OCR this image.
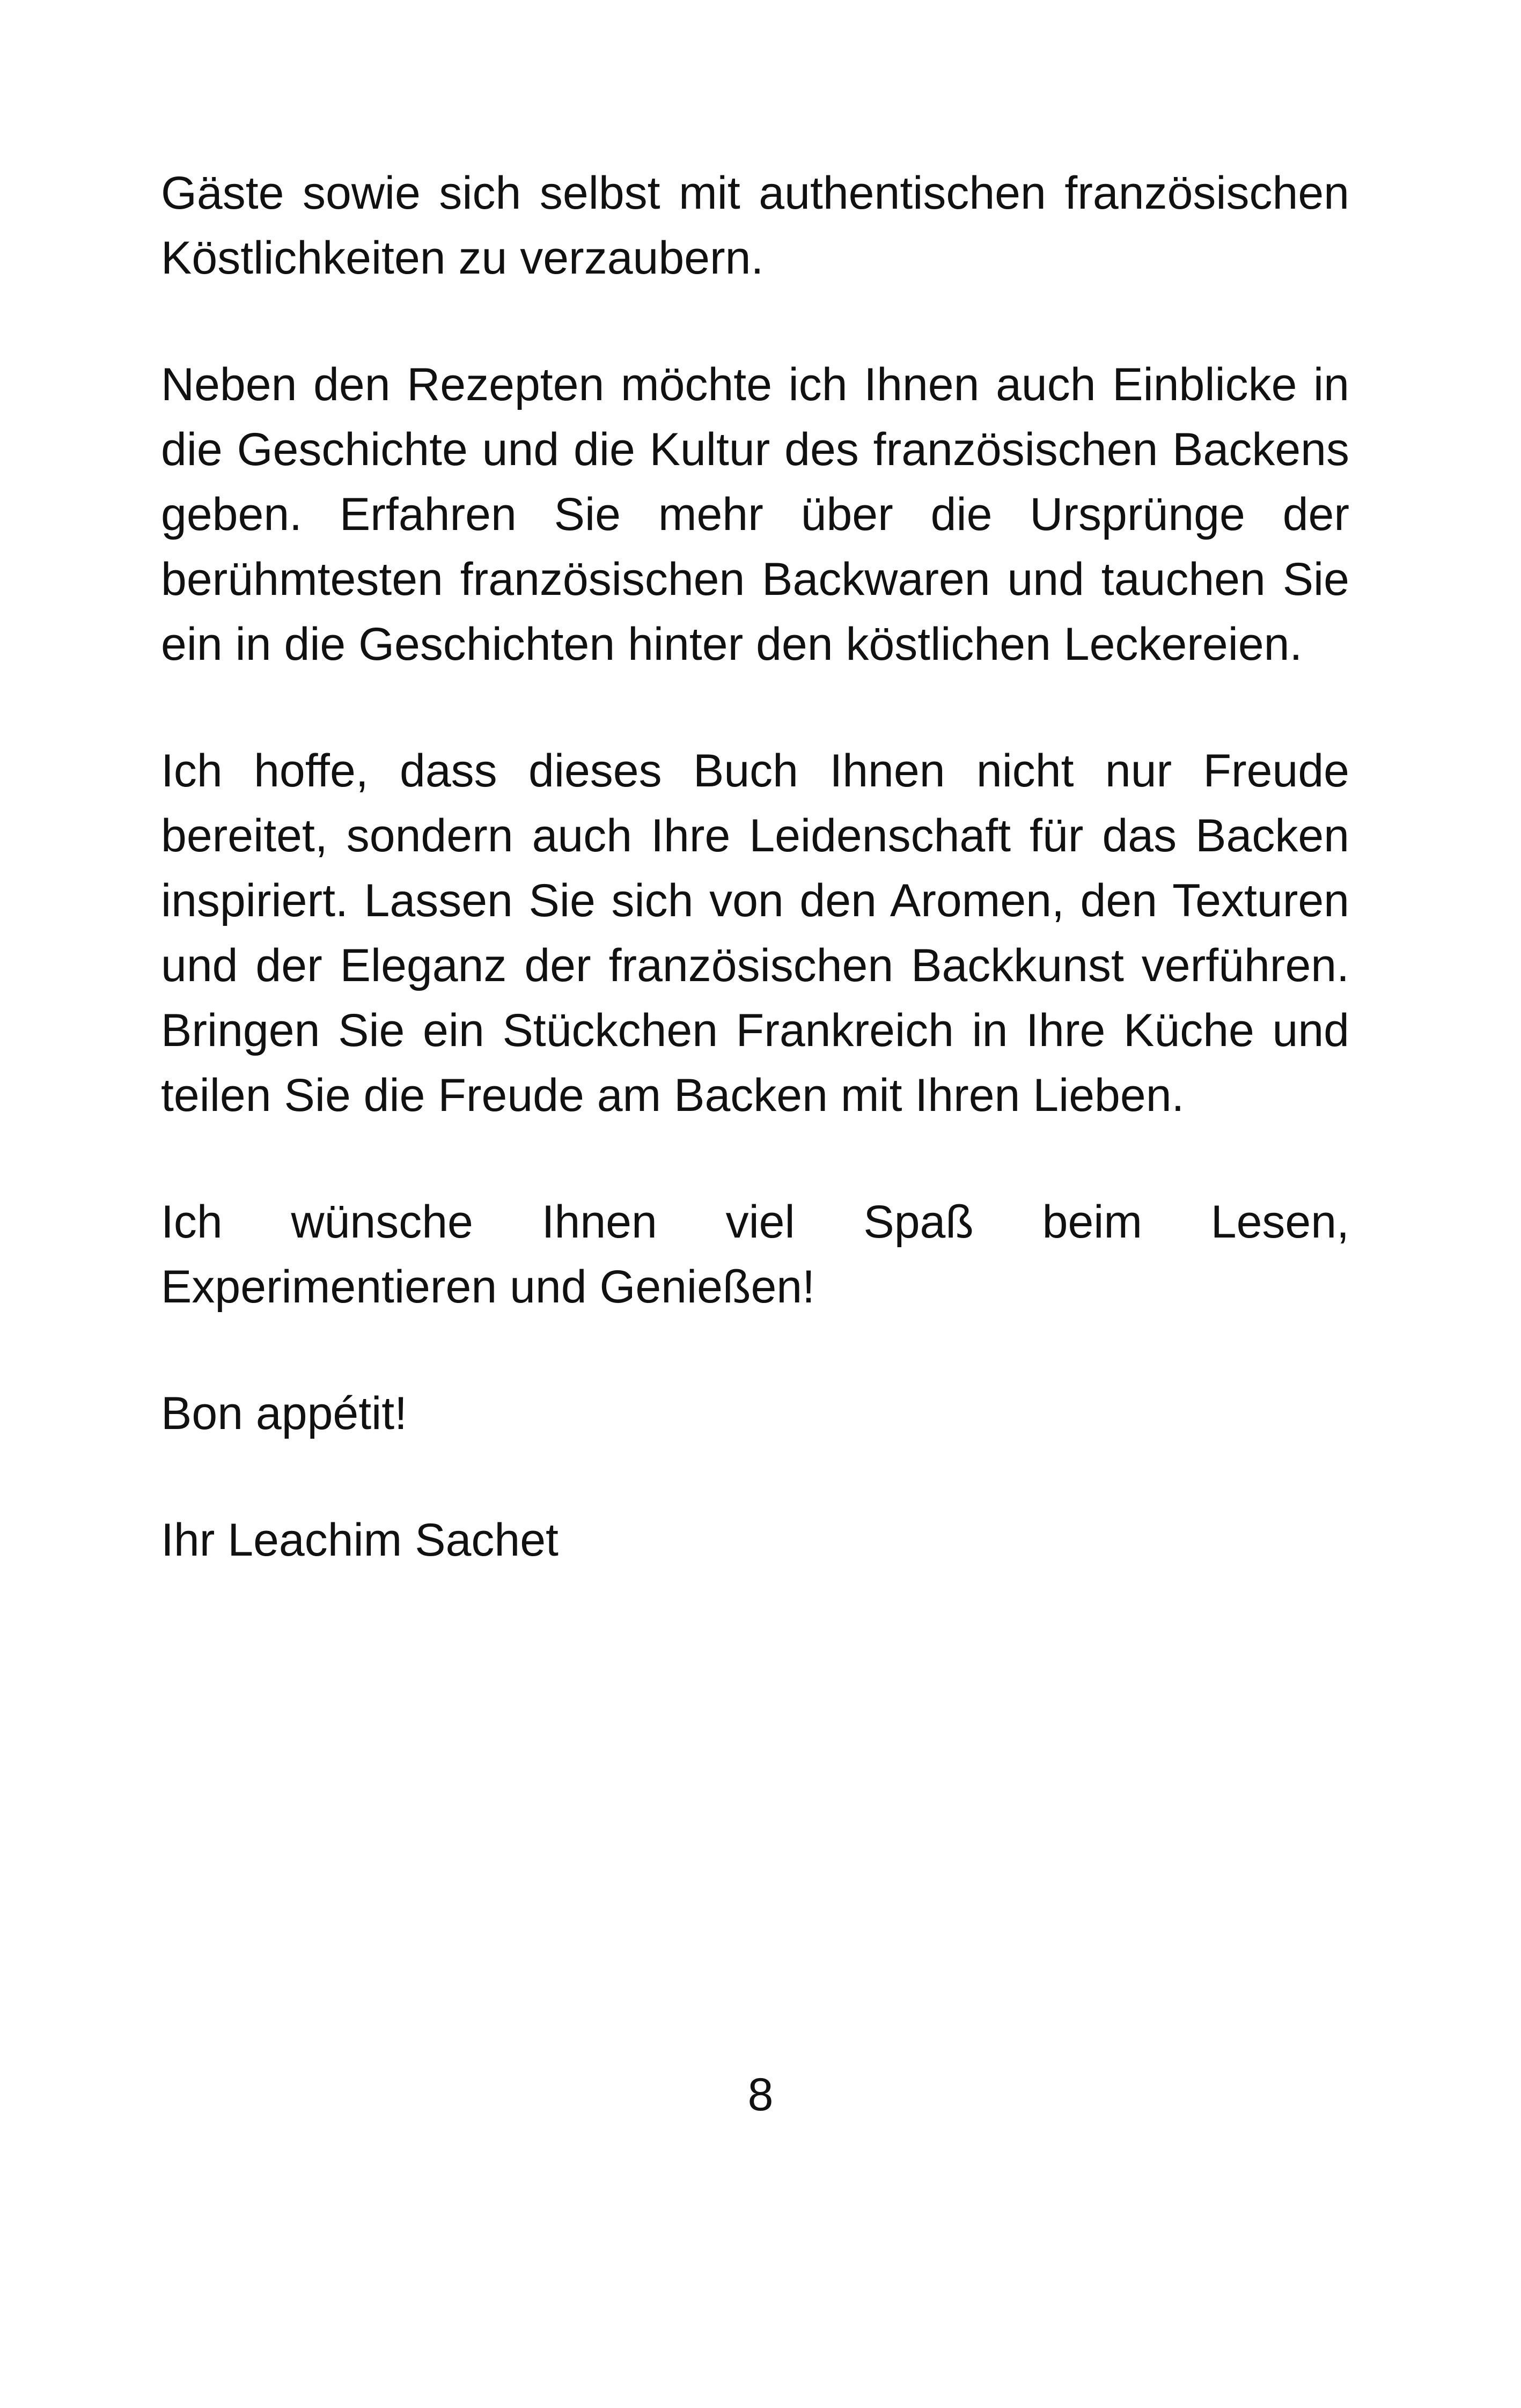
Gäste sowie sich selbst mit authentischen französischen Köstlichkeiten zu verzaubern.

Neben den Rezepten möchte ich Ihnen auch Einblicke in die Geschichte und die Kultur des französischen Backens geben. Erfahren Sie mehr über die Ursprünge der berühmtesten französischen Backwaren und tauchen Sie ein in die Geschichten hinter den köstlichen Leckereien.

Ich hoffe, dass dieses Buch Ihnen nicht nur Freude bereitet, sondern auch Ihre Leidenschaft für das Backen inspiriert. Lassen Sie sich von den Aromen, den Texturen und der Eleganz der französischen Backkunst verführen. Bringen Sie ein Stückchen Frankreich in Ihre Küche und teilen Sie die Freude am Backen mit Ihren Lieben.

Ich wünsche Ihnen viel Spaß beim Lesen, Experimentieren und Genießen!

Bon appétit!

Ihr Leachim Sachet

8
